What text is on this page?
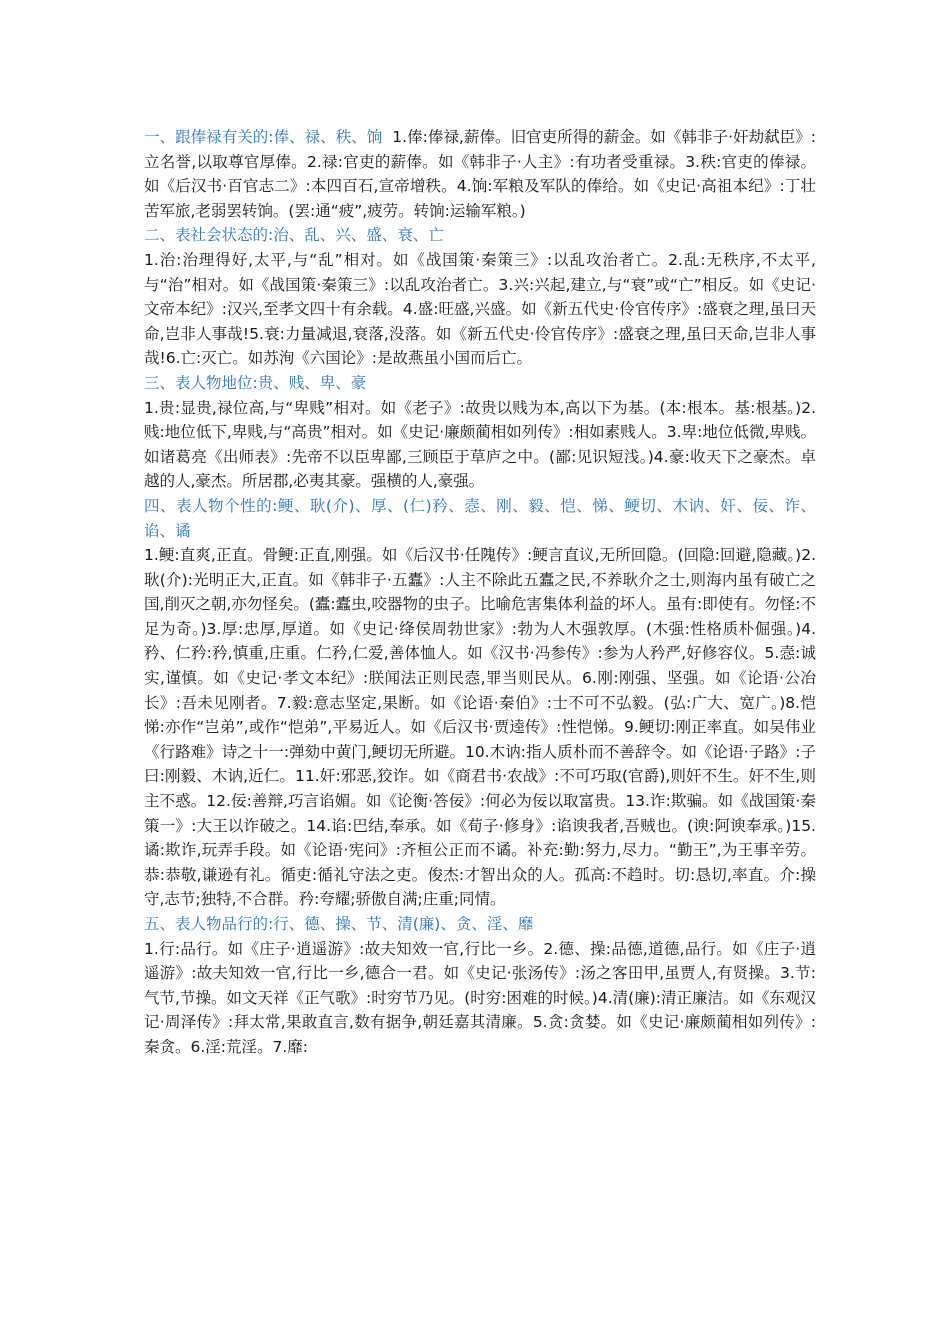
一、跟俸禄有关的:俸、禄、秩、饷 1.俸:俸禄,薪俸。旧官吏所得的薪金。如《韩非子·奸劫弑臣》:立名誉,以取尊官厚俸。2.禄:官吏的薪俸。如《韩非子·人主》:有功者受重禄。3.秩:官吏的俸禄。如《后汉书·百官志二》:本四百石,宣帝增秩。4.饷:军粮及军队的俸给。如《史记·高祖本纪》:丁壮苦军旅,老弱罢转饷。(罢:通“疲”,疲劳。转饷:运输军粮。)

二、表社会状态的:治、乱、兴、盛、衰、亡

1.治:治理得好,太平,与“乱”相对。如《战国策·秦策三》:以乱攻治者亡。2.乱:无秩序,不太平,与“治”相对。如《战国策·秦策三》:以乱攻治者亡。3.兴:兴起,建立,与“衰”或“亡”相反。如《史记·文帝本纪》:汉兴,至孝文四十有余载。4.盛:旺盛,兴盛。如《新五代史·伶官传序》:盛衰之理,虽曰天命,岂非人事哉!5.衰:力量减退,衰落,没落。如《新五代史·伶官传序》:盛衰之理,虽曰天命,岂非人事哉!6.亡:灭亡。如苏洵《六国论》:是故燕虽小国而后亡。

三、表人物地位:贵、贱、卑、豪

1.贵:显贵,禄位高,与“卑贱”相对。如《老子》:故贵以贱为本,高以下为基。(本:根本。基:根基。)2.贱:地位低下,卑贱,与“高贵”相对。如《史记·廉颇蔺相如列传》:相如素贱人。3.卑:地位低微,卑贱。如诸葛亮《出师表》:先帝不以臣卑鄙,三顾臣于草庐之中。(鄙:见识短浅。)4.豪:收天下之豪杰。卓越的人,豪杰。所居郡,必夷其豪。强横的人,豪强。

四、表人物个性的:鲠、耿(介)、厚、(仁)矜、悫、刚、毅、恺、悌、鲠切、木讷、奸、佞、诈、谄、谲

1.鲠:直爽,正直。骨鲠:正直,刚强。如《后汉书·任隗传》:鲠言直议,无所回隐。(回隐:回避,隐藏。)2.耿(介):光明正大,正直。如《韩非子·五蠹》:人主不除此五蠹之民,不养耿介之士,则海内虽有破亡之国,削灭之朝,亦勿怪矣。(蠹:蠹虫,咬器物的虫子。比喻危害集体利益的坏人。虽有:即使有。勿怪:不足为奇。)3.厚:忠厚,厚道。如《史记·绛侯周勃世家》:勃为人木强敦厚。(木强:性格质朴倔强。)4.矜、仁矜:矜,慎重,庄重。仁矜,仁爱,善体恤人。如《汉书·冯参传》:参为人矜严,好修容仪。5.悫:诚实,谨慎。如《史记·孝文本纪》:朕闻法正则民悫,罪当则民从。6.刚:刚强、坚强。如《论语·公冶长》:吾未见刚者。7.毅:意志坚定,果断。如《论语·秦伯》:士不可不弘毅。(弘:广大、宽广。)8.恺悌:亦作“岂弟”,或作“恺弟”,平易近人。如《后汉书·贾逵传》:性恺悌。9.鲠切:刚正率直。如吴伟业《行路难》诗之十一:弹劾中黄门,鲠切无所避。10.木讷:指人质朴而不善辞令。如《论语·子路》:子曰:刚毅、木讷,近仁。11.奸:邪恶,狡诈。如《商君书·农战》:不可巧取(官爵),则奸不生。奸不生,则主不惑。12.佞:善辩,巧言谄媚。如《论衡·答佞》:何必为佞以取富贵。13.诈:欺骗。如《战国策·秦策一》:大王以诈破之。14.谄:巴结,奉承。如《荀子·修身》:谄谀我者,吾贼也。(谀:阿谀奉承。)15.谲:欺诈,玩弄手段。如《论语·宪问》:齐桓公正而不谲。补充:勤:努力,尽力。“勤王”,为王事辛劳。恭:恭敬,谦逊有礼。循吏:循礼守法之吏。俊杰:才智出众的人。孤高:不趋时。切:恳切,率直。介:操守,志节;独特,不合群。矜:夸耀;骄傲自满;庄重;同情。

五、表人物品行的:行、德、操、节、清(廉)、贪、淫、靡

1.行:品行。如《庄子·逍遥游》:故夫知效一官,行比一乡。2.德、操:品德,道德,品行。如《庄子·逍遥游》:故夫知效一官,行比一乡,德合一君。如《史记·张汤传》:汤之客田甲,虽贾人,有贤操。3.节:气节,节操。如文天祥《正气歌》:时穷节乃见。(时穷:困难的时候。)4.清(廉):清正廉洁。如《东观汉记·周泽传》:拜太常,果敢直言,数有据争,朝廷嘉其清廉。5.贪:贪婪。如《史记·廉颇蔺相如列传》:秦贪。6.淫:荒淫。7.靡:
